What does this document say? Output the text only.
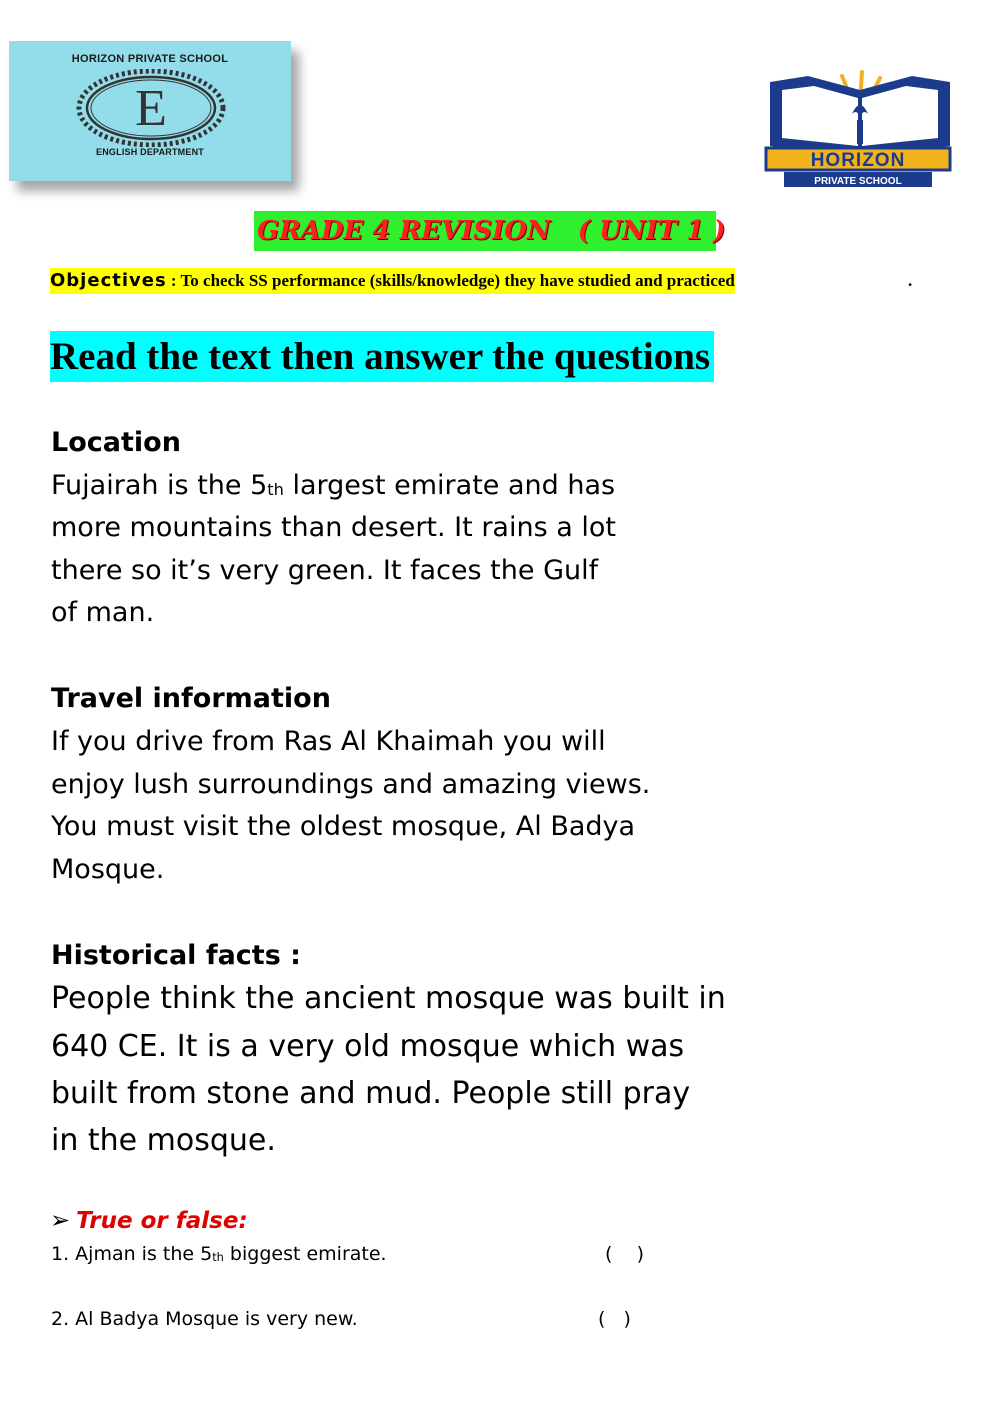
HORIZON PRIVATE SCHOOL
E
ENGLISH DEPARTMENT	HORIZON
PRIVATE SCHOOL
GRADE 4 REVISION   ( UNIT 1 )
Objectives : To check SS performance (skills/knowledge) they have studied and practiced	.
Read the text then answer the questions
Location
Fujairah is the 5th largest emirate and has
more mountains than desert. It rains a lot
there so it’s very green. It faces the Gulf
of man.
Travel information
If you drive from Ras Al Khaimah you will
enjoy lush surroundings and amazing views.
You must visit the oldest mosque, Al Badya
Mosque.
Historical facts :
People think the ancient mosque was built in
640 CE. It is a very old mosque which was
built from stone and mud. People still pray
in the mosque.
➢ True or false:
1. Ajman is the 5th biggest emirate.	(    )
2. Al Badya Mosque is very new.	(   )
